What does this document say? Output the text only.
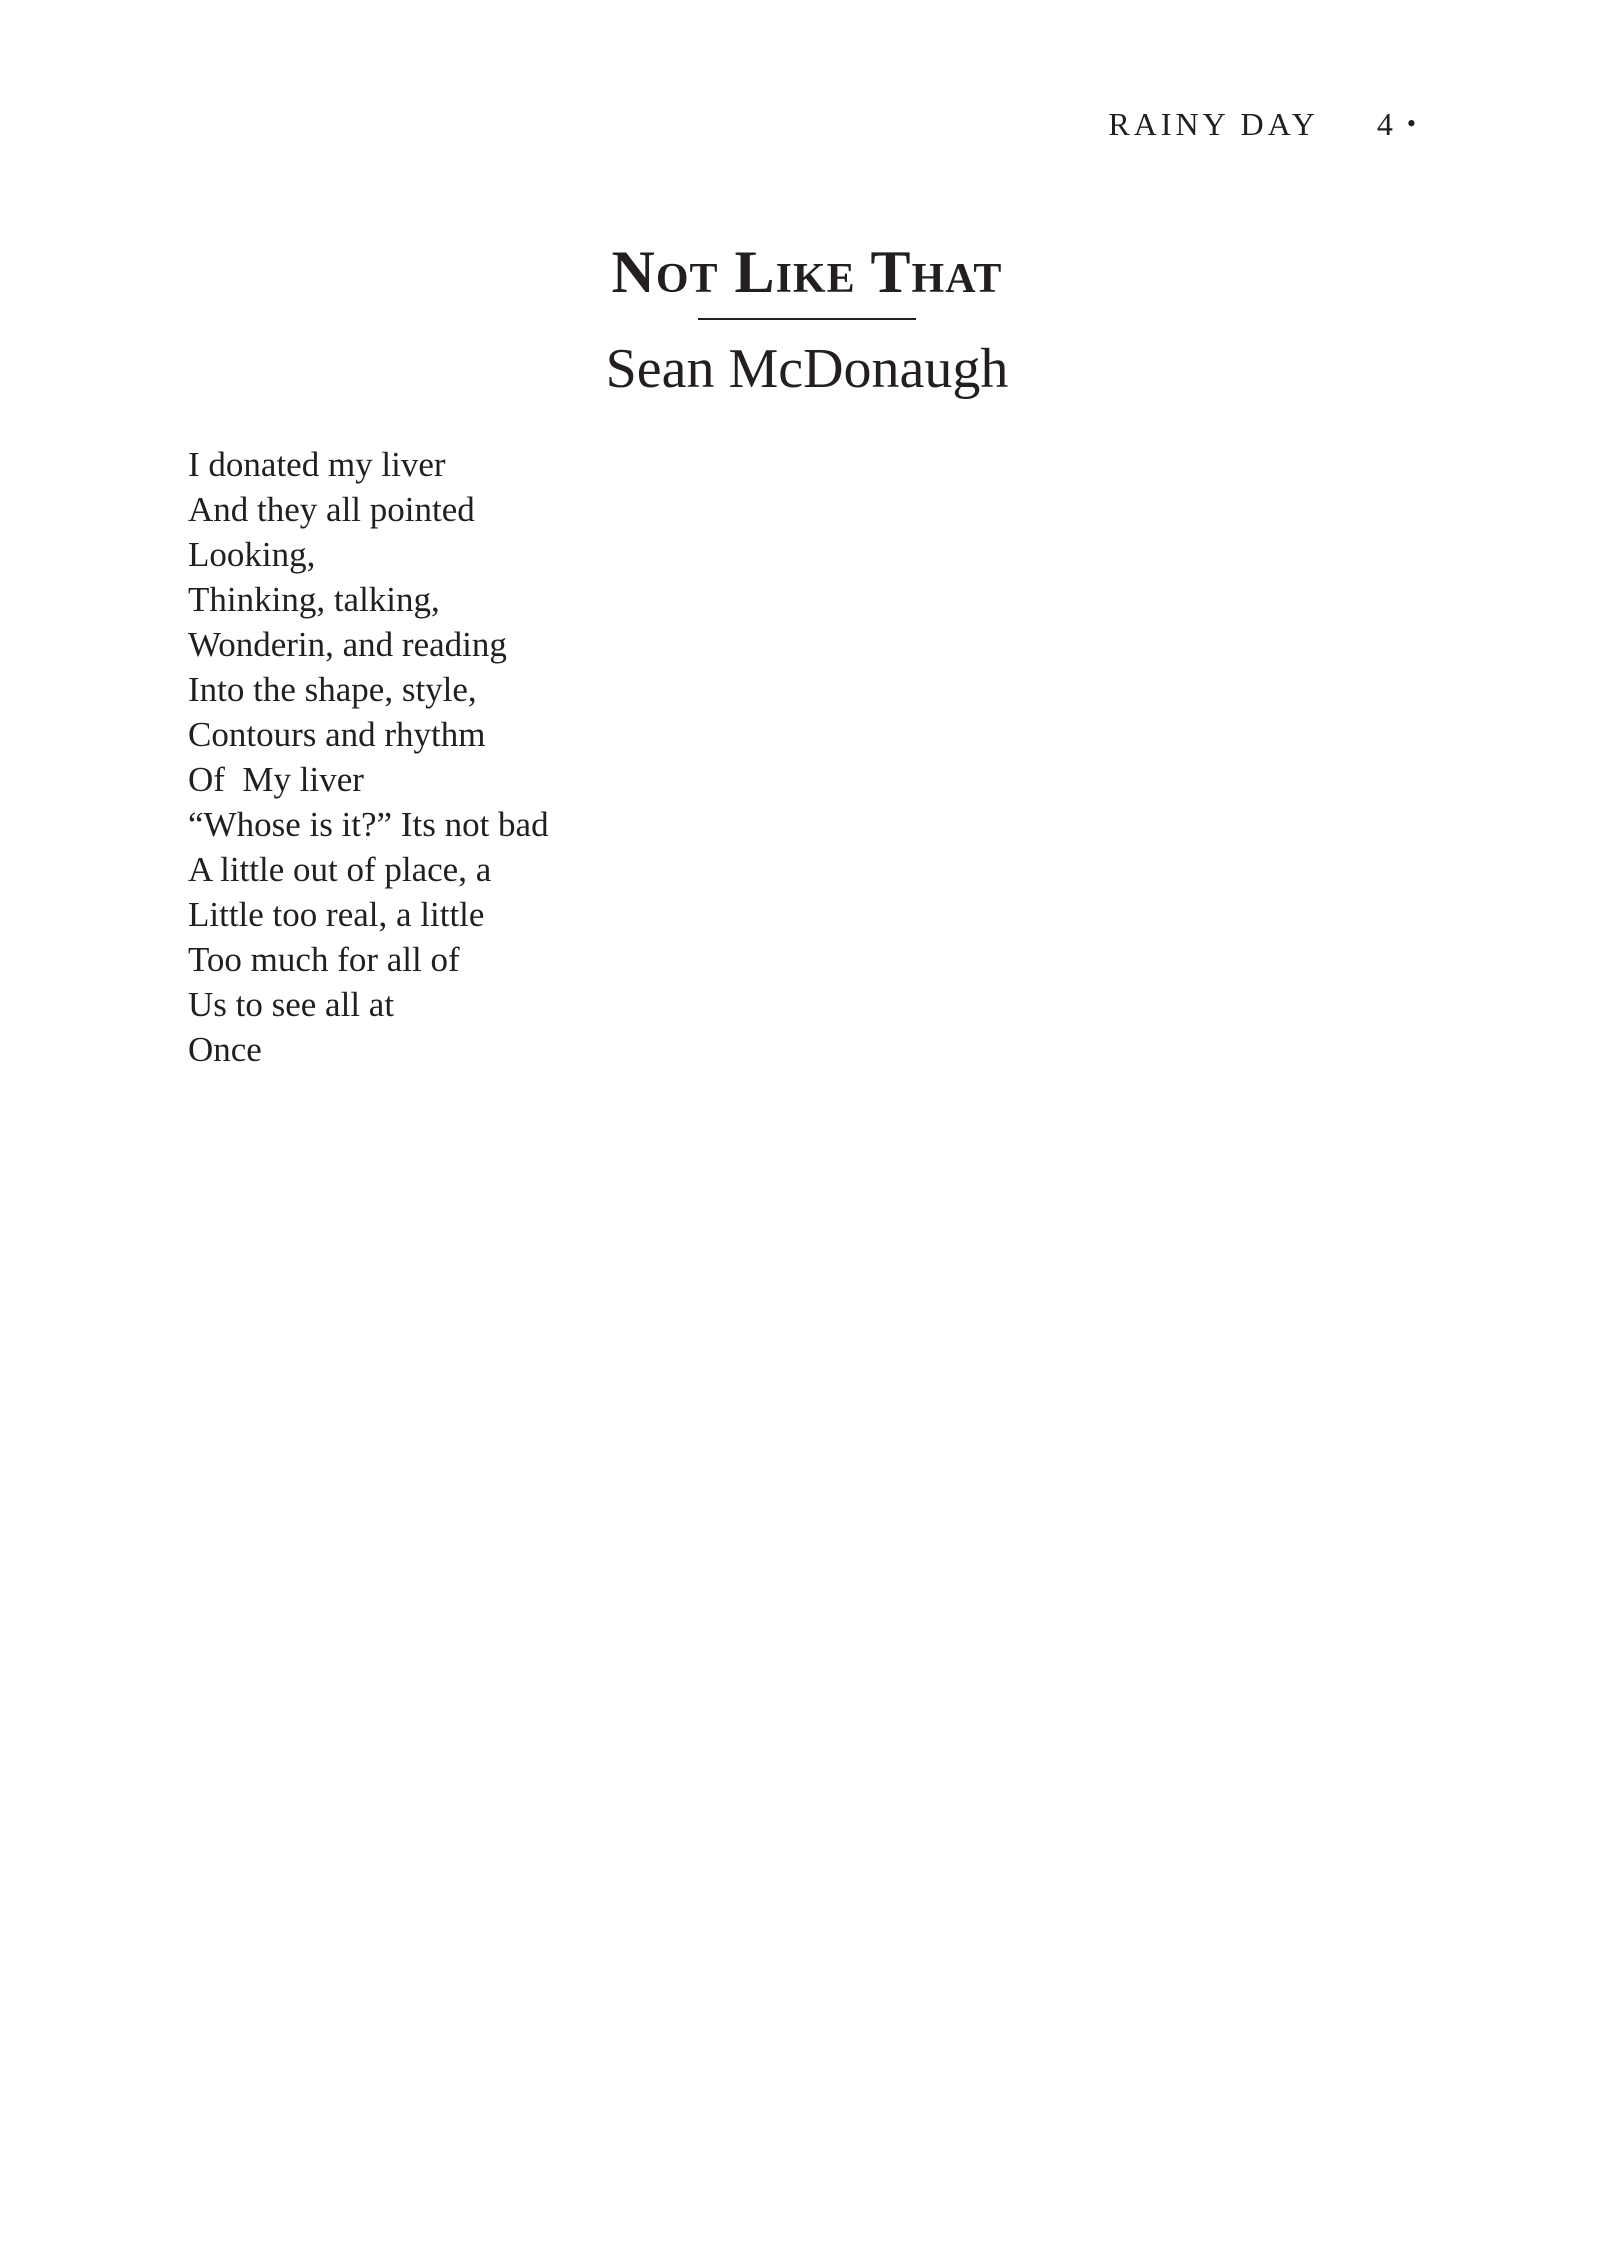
RAINY DAY 4 •
Not Like That
Sean McDonaugh
I donated my liver
And they all pointed
Looking,
Thinking, talking,
Wonderin, and reading
Into the shape, style,
Contours and rhythm
Of  My liver
“Whose is it?” Its not bad
A little out of place, a
Little too real, a little
Too much for all of
Us to see all at
Once
